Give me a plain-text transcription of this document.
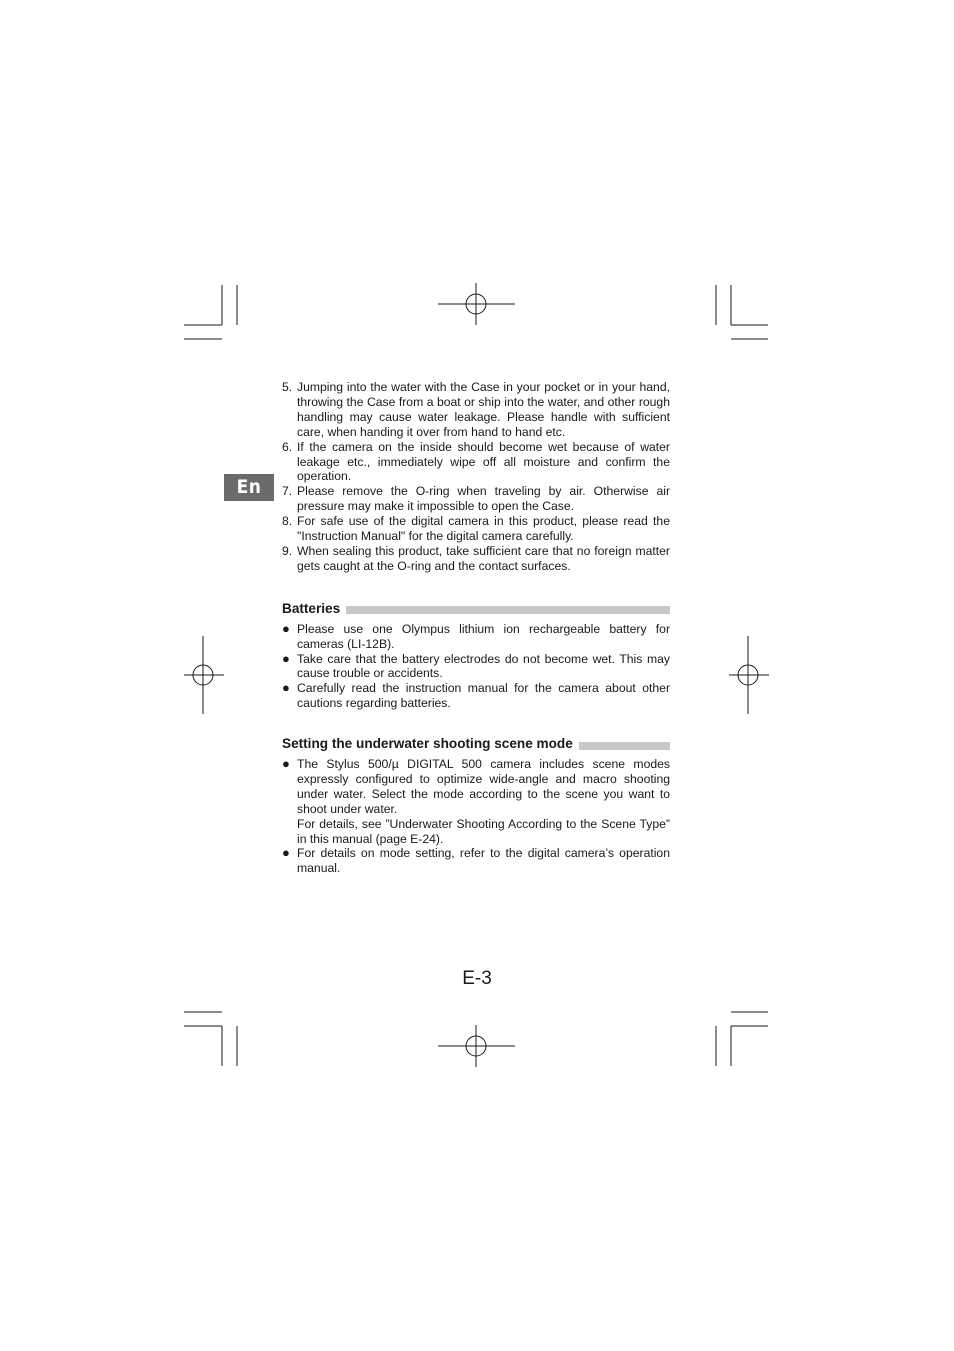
En
5. Jumping into the water with the Case in your pocket or in your hand, throwing the Case from a boat or ship into the water, and other rough handling may cause water leakage. Please handle with sufficient care, when handing it over from hand to hand etc.
6. If the camera on the inside should become wet because of water leakage etc., immediately wipe off all moisture and confirm the operation.
7. Please remove the O-ring when traveling by air. Otherwise air pressure may make it impossible to open the Case.
8. For safe use of the digital camera in this product, please read the "Instruction Manual" for the digital camera carefully.
9. When sealing this product, take sufficient care that no foreign matter gets caught at the O-ring and the contact surfaces.
Batteries
● Please use one Olympus lithium ion rechargeable battery for cameras (LI-12B).
● Take care that the battery electrodes do not become wet. This may cause trouble or accidents.
● Carefully read the instruction manual for the camera about other cautions regarding batteries.
Setting the underwater shooting scene mode
● The Stylus 500/µ DIGITAL 500 camera includes scene modes expressly configured to optimize wide-angle and macro shooting under water. Select the mode according to the scene you want to shoot under water.

For details, see ”Underwater Shooting According to the Scene Type” in this manual (page E-24).

● For details on mode setting, refer to the digital camera’s operation manual.
E-3
